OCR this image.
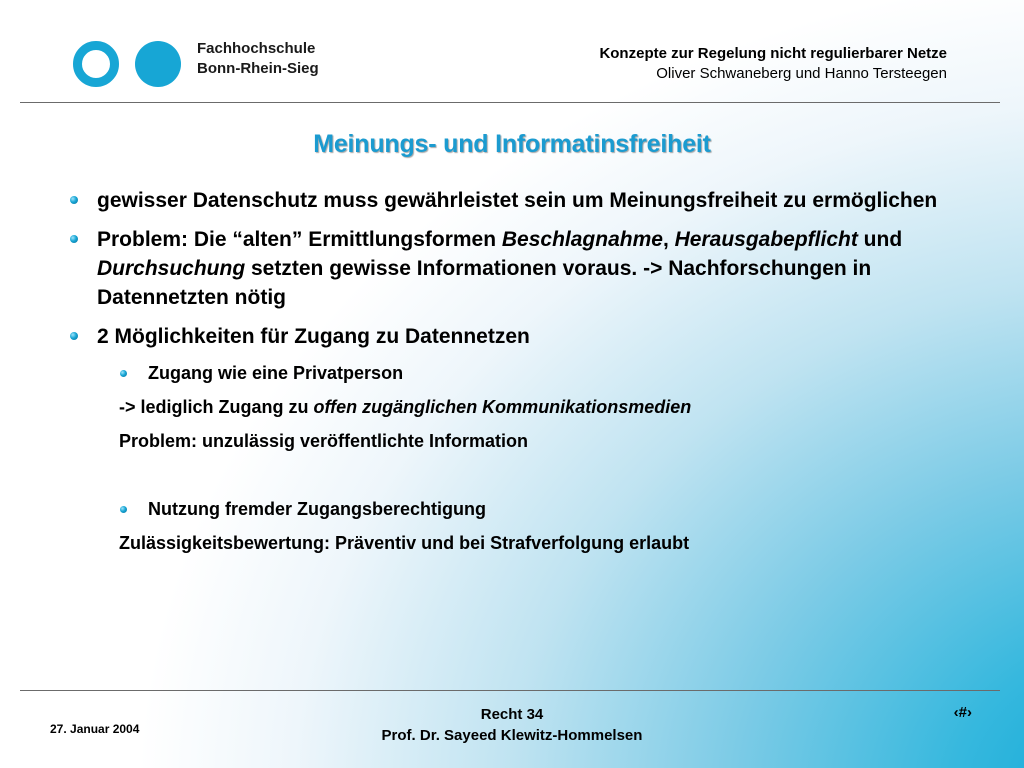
Fachhochschule
Bonn-Rhein-Sieg
Konzepte zur Regelung nicht regulierbarer Netze
Oliver Schwaneberg und Hanno Tersteegen
Meinungs- und Informatinsfreiheit
gewisser Datenschutz muss gewährleistet sein um Meinungsfreiheit zu ermöglichen
Problem: Die “alten” Ermittlungsformen Beschlagnahme, Herausgabepflicht und Durchsuchung setzten gewisse Informationen voraus. -> Nachforschungen in Datennetzten nötig
2 Möglichkeiten für Zugang zu Datennetzen
Zugang wie eine Privatperson
-> lediglich Zugang zu offen zugänglichen Kommunikationsmedien
Problem: unzulässig veröffentlichte Information
Nutzung fremder Zugangsberechtigung
Zulässigkeitsbewertung: Präventiv und bei Strafverfolgung erlaubt
27. Januar 2004
Recht 34
Prof. Dr. Sayeed Klewitz-Hommelsen
‹#›
